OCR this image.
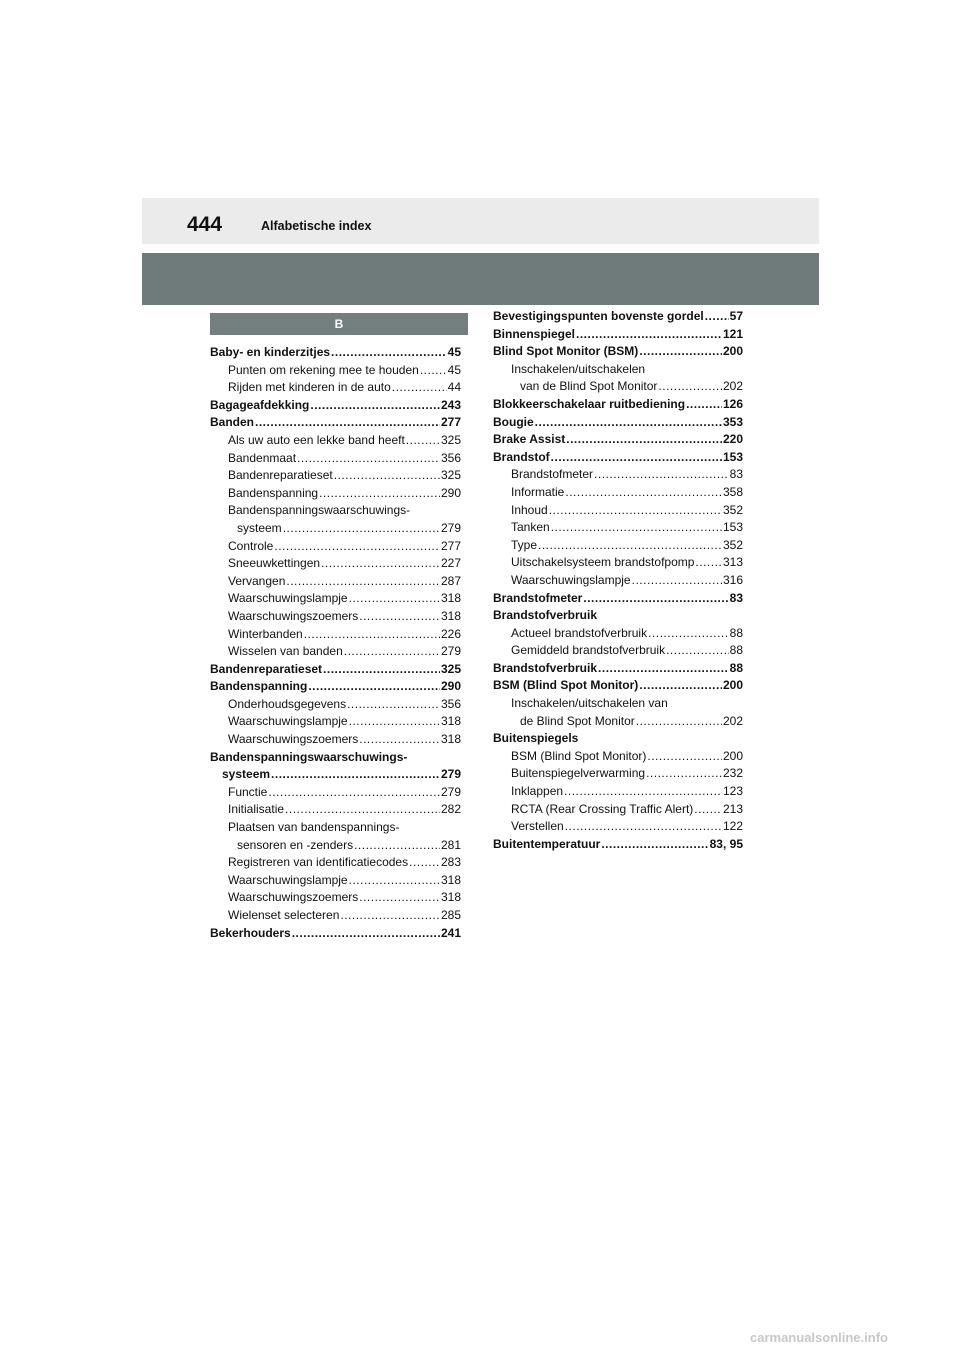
444	Alfabetische index
B
Baby- en kinderzitjes .....	45
Punten om rekening mee te houden ..... 45
Rijden met kinderen in de auto .....	44
Bagageafdekking .....	243
Banden .....	277
Als uw auto een lekke band heeft .....	325
Bandenmaat .....	356
Bandenreparatieset .....	325
Bandenspanning .....	290
Bandenspanningswaarschuwings-
systeem .....	279
Controle .....	277
Sneeuwkettingen .....	227
Vervangen .....	287
Waarschuwingslampje .....	318
Waarschuwingszoemers .....	318
Winterbanden .....	226
Wisselen van banden .....	279
Bandenreparatieset .....	325
Bandenspanning .....	290
Onderhoudsgegevens .....	356
Waarschuwingslampje .....	318
Waarschuwingszoemers .....	318
Bandenspanningswaarschuwings-
systeem .....	279
Functie .....	279
Initialisatie .....	282
Plaatsen van bandenspannings-
sensoren en -zenders .....	281
Registreren van identificatiecodes .....	283
Waarschuwingslampje .....	318
Waarschuwingszoemers .....	318
Wielenset selecteren .....	285
Bekerhouders .....	241
Bevestigingspunten bovenste gordel ..... 57
Binnenspiegel .....	121
Blind Spot Monitor (BSM) .....	200
Inschakelen/uitschakelen
van de Blind Spot Monitor .....	202
Blokkeerschakelaar ruitbediening .....	126
Bougie .....	353
Brake Assist .....	220
Brandstof .....	153
Brandstofmeter .....	83
Informatie .....	358
Inhoud .....	352
Tanken .....	153
Type .....	352
Uitschakelsysteem brandstofpomp ..... 313
Waarschuwingslampje .....	316
Brandstofmeter .....	83
Brandstofverbruik
Actueel brandstofverbruik .....	88
Gemiddeld brandstofverbruik .....	88
Brandstofverbruik .....	88
BSM (Blind Spot Monitor) .....	200
Inschakelen/uitschakelen van
de Blind Spot Monitor .....	202
Buitenspiegels
BSM (Blind Spot Monitor) .....	200
Buitenspiegelverwarming .....	232
Inklappen .....	123
RCTA (Rear Crossing Traffic Alert) ..... 213
Verstellen .....	122
Buitentemperatuur .....	83, 95
carmanualsonline.info
